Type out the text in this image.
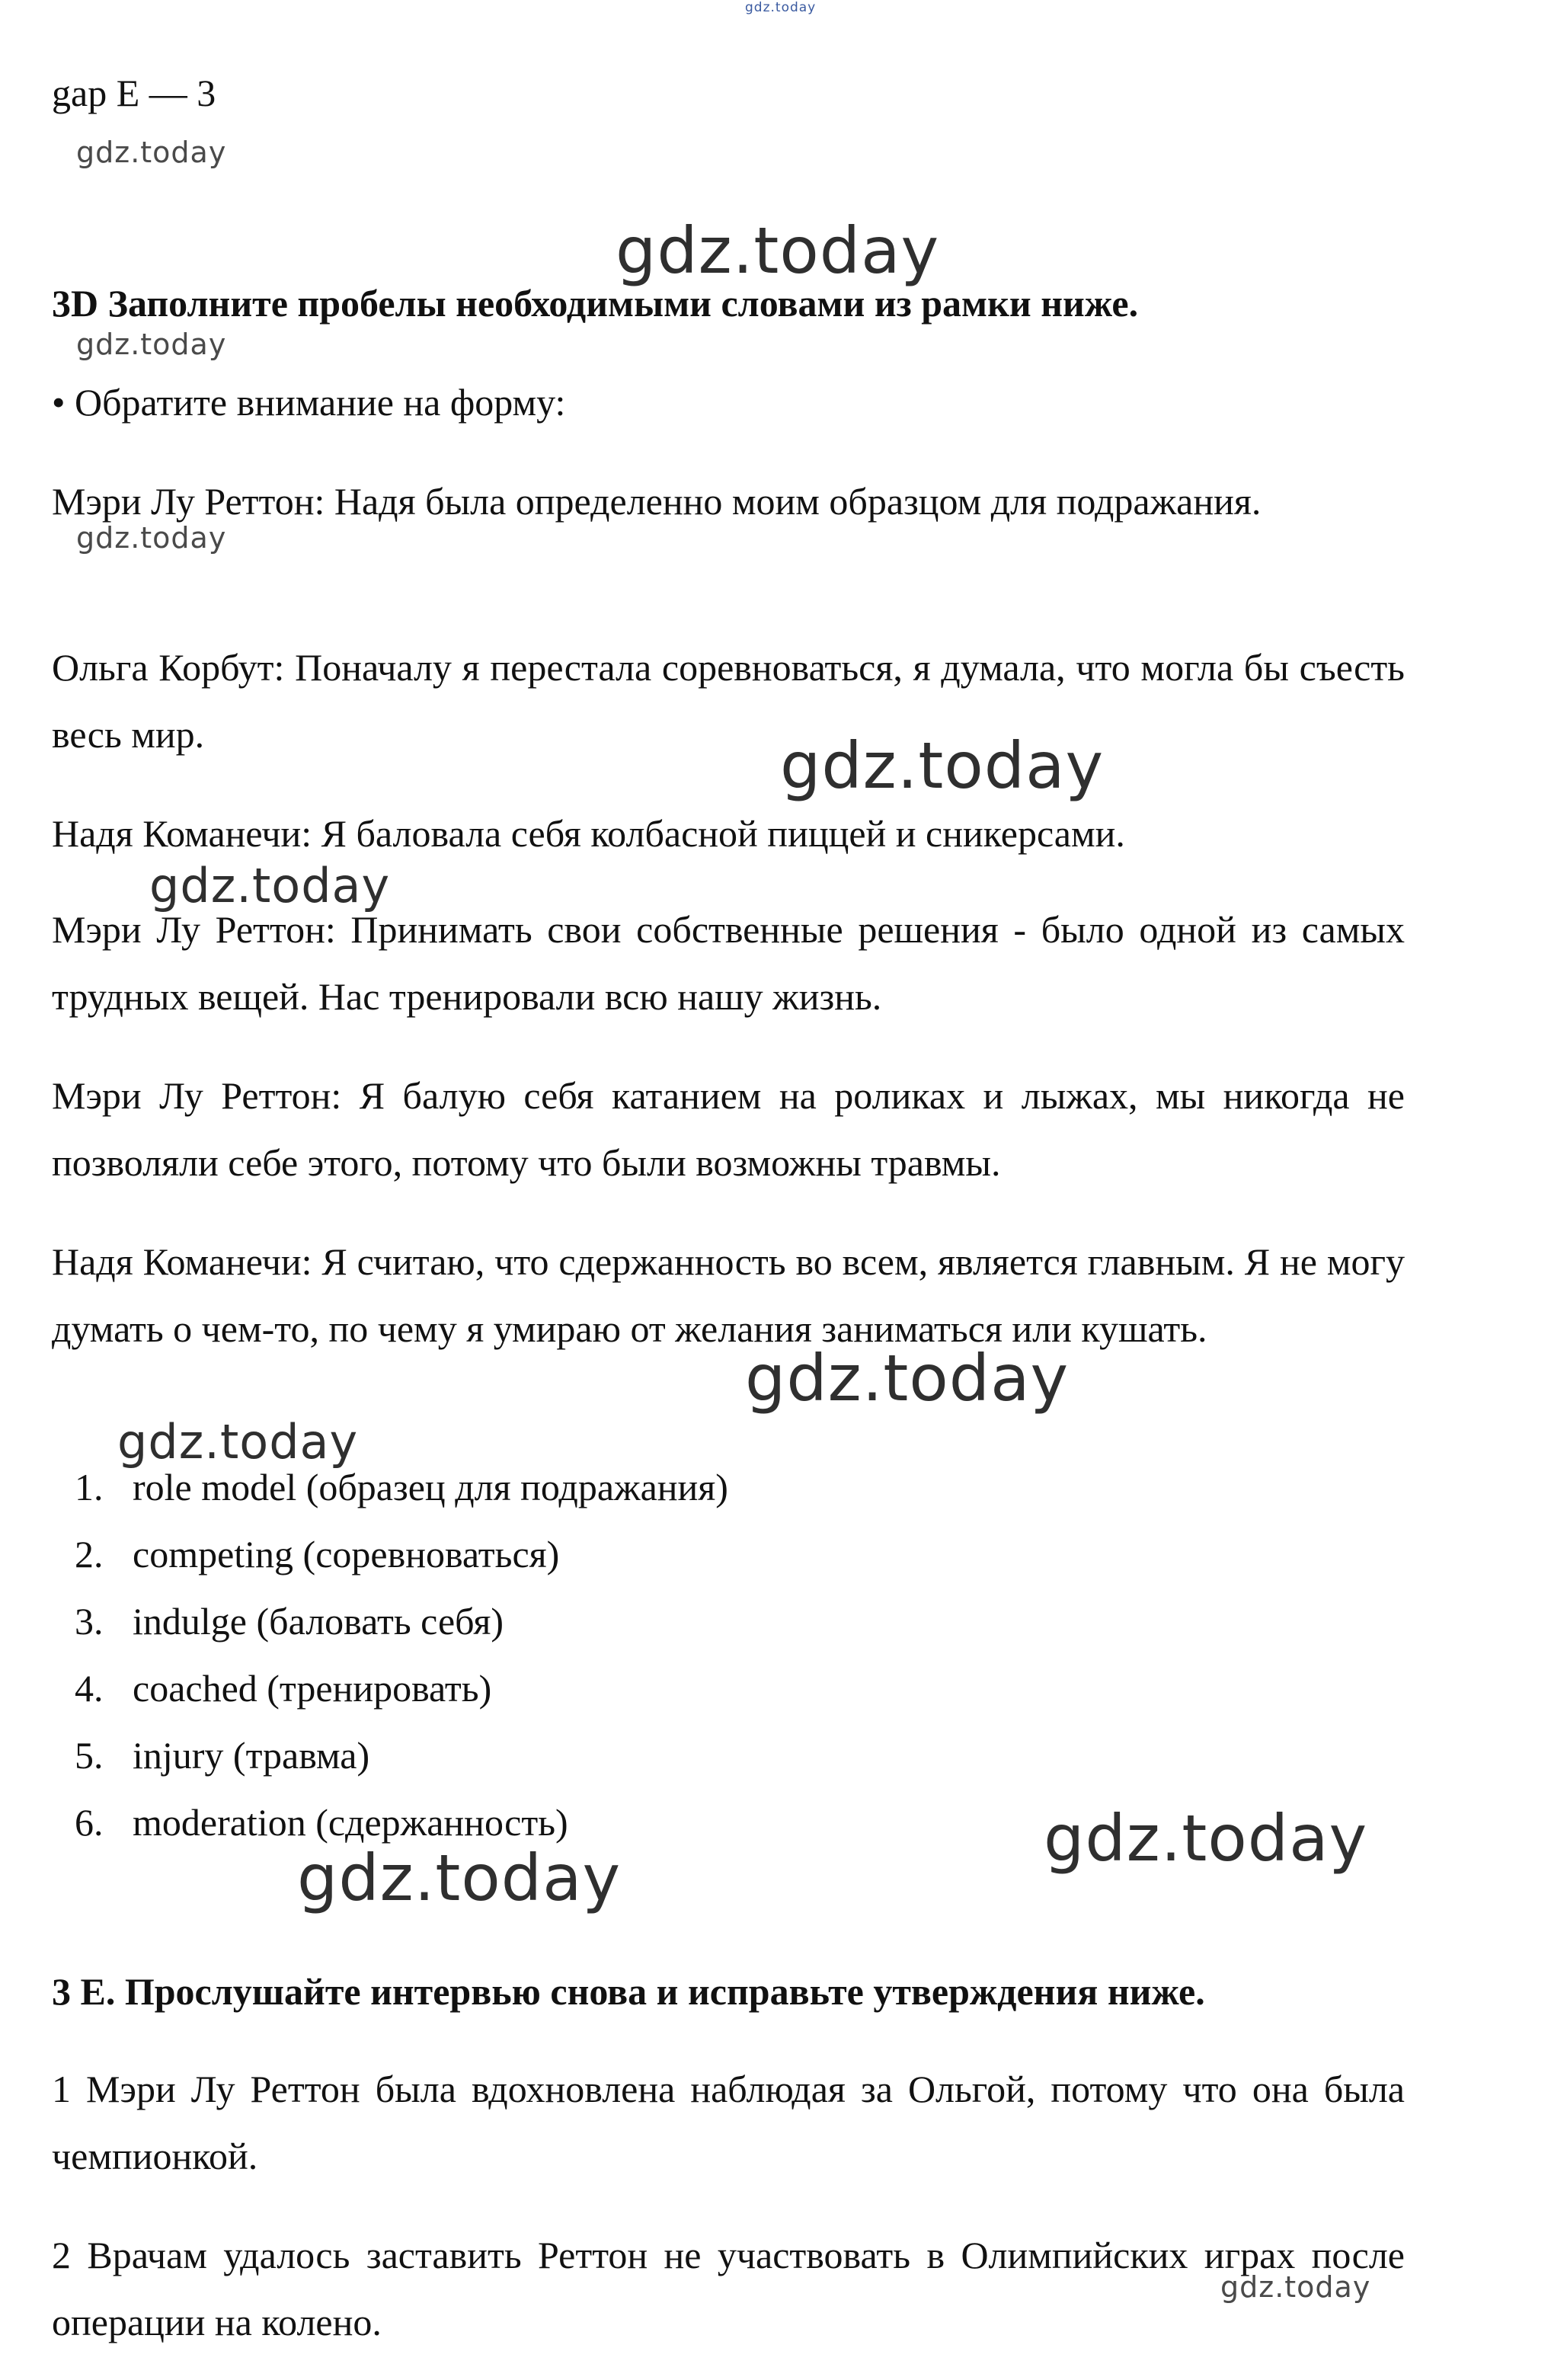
gdz.today

gap E — 3

3D Заполните пробелы необходимыми словами из рамки ниже.

• Обратите внимание на форму:

Мэри Лу Реттон: Надя была определенно моим образцом для подражания.

Ольга Корбут: Поначалу я перестала соревноваться, я думала, что могла бы съесть весь мир.

Надя Команечи: Я баловала себя колбасной пиццей и сникерсами.

Мэри Лу Реттон: Принимать свои собственные решения - было одной из самых трудных вещей. Нас тренировали всю нашу жизнь.

Мэри Лу Реттон: Я балую себя катанием на роликах и лыжах, мы никогда не позволяли себе этого, потому что были возможны травмы.

Надя Команечи: Я считаю, что сдержанность во всем, является главным. Я не могу думать о чем-то, по чему я умираю от желания заниматься или кушать.

1. role model (образец для подражания)
2. competing (соревноваться)
3. indulge (баловать себя)
4. coached (тренировать)
5. injury (травма)
6. moderation (сдержанность)

3 E. Прослушайте интервью снова и исправьте утверждения ниже.

1 Мэри Лу Реттон была вдохновлена наблюдая за Ольгой, потому что она была чемпионкой.

2 Врачам удалось заставить Реттон не участвовать в Олимпийских играх после операции на колено.

gdz.today
gdz.today
gdz.today
gdz.today
gdz.today
gdz.today
gdz.today
gdz.today
gdz.today
gdz.today
gdz.today
